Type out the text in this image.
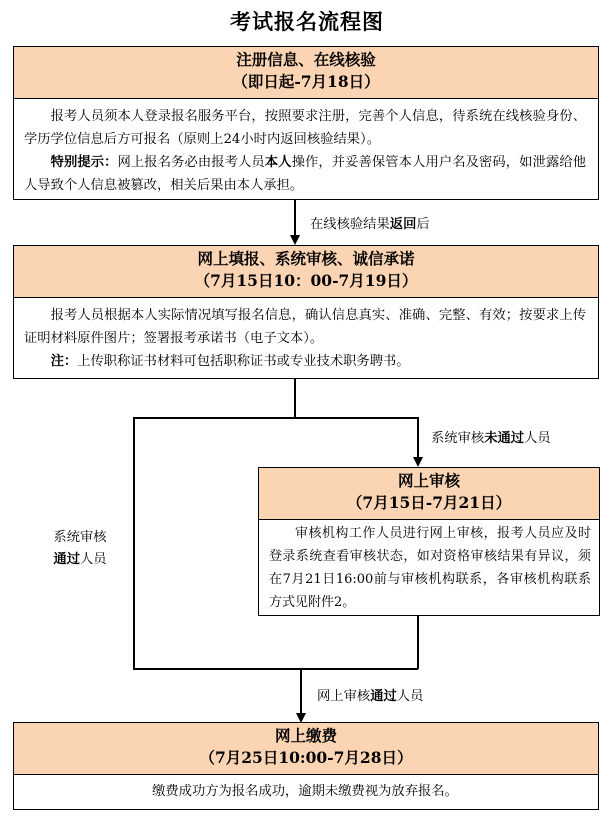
考试报名流程图
注册信息、在线核验
（即日起-7月18日）

报考人员须本人登录报名服务平台，按照要求注册，完善个人信息，待系统在线核验身份、学历学位信息后方可报名（原则上24小时内返回核验结果）。

特别提示：网上报名务必由报考人员本人操作，并妥善保管本人用户名及密码，如泄露给他人导致个人信息被篡改，相关后果由本人承担。

在线核验结果返回后
网上填报、系统审核、诚信承诺
（7月15日10：00-7月19日）

报考人员根据本人实际情况填写报名信息，确认信息真实、准确、完整、有效；按要求上传证明材料原件图片；签署报考承诺书（电子文本）。

注：上传职称证书材料可包括职称证书或专业技术职务聘书。

系统审核未通过人员
系统审核
通过人员
网上审核
（7月15日-7月21日）

审核机构工作人员进行网上审核，报考人员应及时登录系统查看审核状态，如对资格审核结果有异议，须在7月21日16:00前与审核机构联系，各审核机构联系方式见附件2。

网上审核通过人员
网上缴费
（7月25日10:00-7月28日）
缴费成功方为报名成功，逾期未缴费视为放弃报名。
